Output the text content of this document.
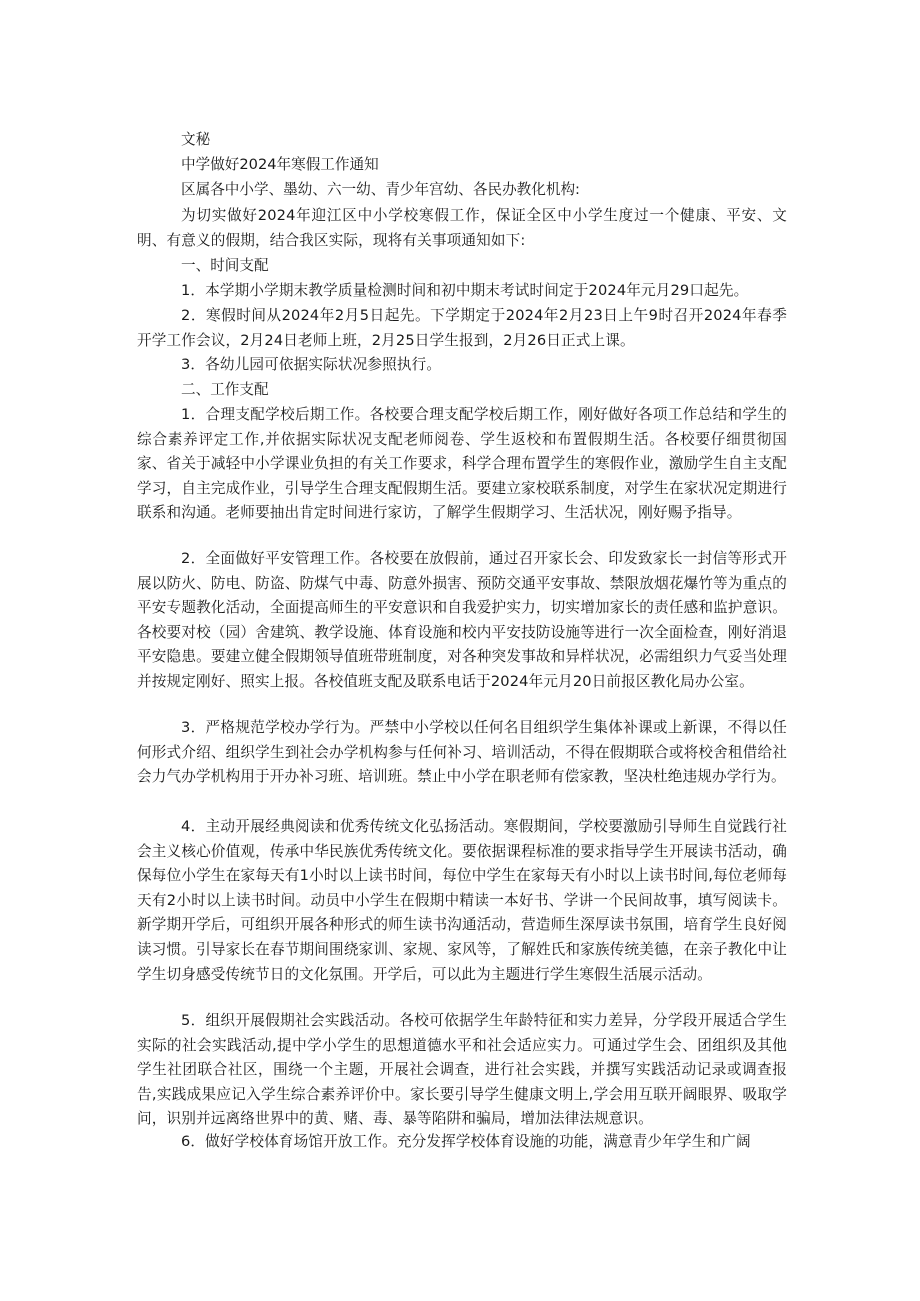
文秘
中学做好2024年寒假工作通知
区属各中小学、墨幼、六一幼、青少年宫幼、各民办教化机构:
为切实做好2024年迎江区中小学校寒假工作，保证全区中小学生度过一个健康、平安、文明、有意义的假期，结合我区实际，现将有关事项通知如下:
一、时间支配
1．本学期小学期末教学质量检测时间和初中期末考试时间定于2024年元月29口起先。
2．寒假时间从2024年2月5日起先。下学期定于2024年2月23日上午9时召开2024年春季开学工作会议，2月24日老师上班，2月25日学生报到，2月26日正式上课。
3．各幼儿园可依据实际状况参照执行。
二、工作支配
1．合理支配学校后期工作。各校要合理支配学校后期工作，刚好做好各项工作总结和学生的综合素养评定工作,并依据实际状况支配老师阅卷、学生返校和布置假期生活。各校要仔细贯彻国家、省关于减轻中小学课业负担的有关工作要求，科学合理布置学生的寒假作业，激励学生自主支配学习，自主完成作业，引导学生合理支配假期生活。要建立家校联系制度，对学生在家状况定期进行联系和沟通。老师要抽出肯定时间进行家访，了解学生假期学习、生活状况，刚好赐予指导。
2．全面做好平安管理工作。各校要在放假前，通过召开家长会、印发致家长一封信等形式开展以防火、防电、防盗、防煤气中毒、防意外损害、预防交通平安事故、禁限放烟花爆竹等为重点的平安专题教化活动，全面提高师生的平安意识和自我爱护实力，切实增加家长的责任感和监护意识。各校要对校（园）舍建筑、教学设施、体育设施和校内平安技防设施等进行一次全面检查，刚好消退平安隐患。要建立健全假期领导值班带班制度，对各种突发事故和异样状况，必需组织力气妥当处理并按规定刚好、照实上报。各校值班支配及联系电话于2024年元月20日前报区教化局办公室。
3．严格规范学校办学行为。严禁中小学校以任何名目组织学生集体补课或上新课，不得以任何形式介绍、组织学生到社会办学机构参与任何补习、培训活动，不得在假期联合或将校舍租借给社会力气办学机构用于开办补习班、培训班。禁止中小学在职老师有偿家教，坚决杜绝违规办学行为。
4．主动开展经典阅读和优秀传统文化弘扬活动。寒假期间，学校要激励引导师生自觉践行社会主义核心价值观，传承中华民族优秀传统文化。要依据课程标准的要求指导学生开展读书活动，确保每位小学生在家每天有1小时以上读书时间，每位中学生在家每天有小时以上读书时间,每位老师每天有2小时以上读书时间。动员中小学生在假期中精读一本好书、学讲一个民间故事，填写阅读卡。新学期开学后，可组织开展各种形式的师生读书沟通活动，营造师生深厚读书氛围，培育学生良好阅读习惯。引导家长在春节期间围绕家训、家规、家风等，了解姓氏和家族传统美德，在亲子教化中让学生切身感受传统节日的文化氛围。开学后，可以此为主题进行学生寒假生活展示活动。
5．组织开展假期社会实践活动。各校可依据学生年龄特征和实力差异，分学段开展适合学生实际的社会实践活动,提中学小学生的思想道德水平和社会适应实力。可通过学生会、团组织及其他学生社团联合社区，围绕一个主题，开展社会调查，进行社会实践，并撰写实践活动记录或调查报告,实践成果应记入学生综合素养评价中。家长要引导学生健康文明上,学会用互联开阔眼界、吸取学问，识别并远离络世界中的黄、赌、毒、暴等陷阱和骗局，增加法律法规意识。
6．做好学校体育场馆开放工作。充分发挥学校体育设施的功能，满意青少年学生和广阔
